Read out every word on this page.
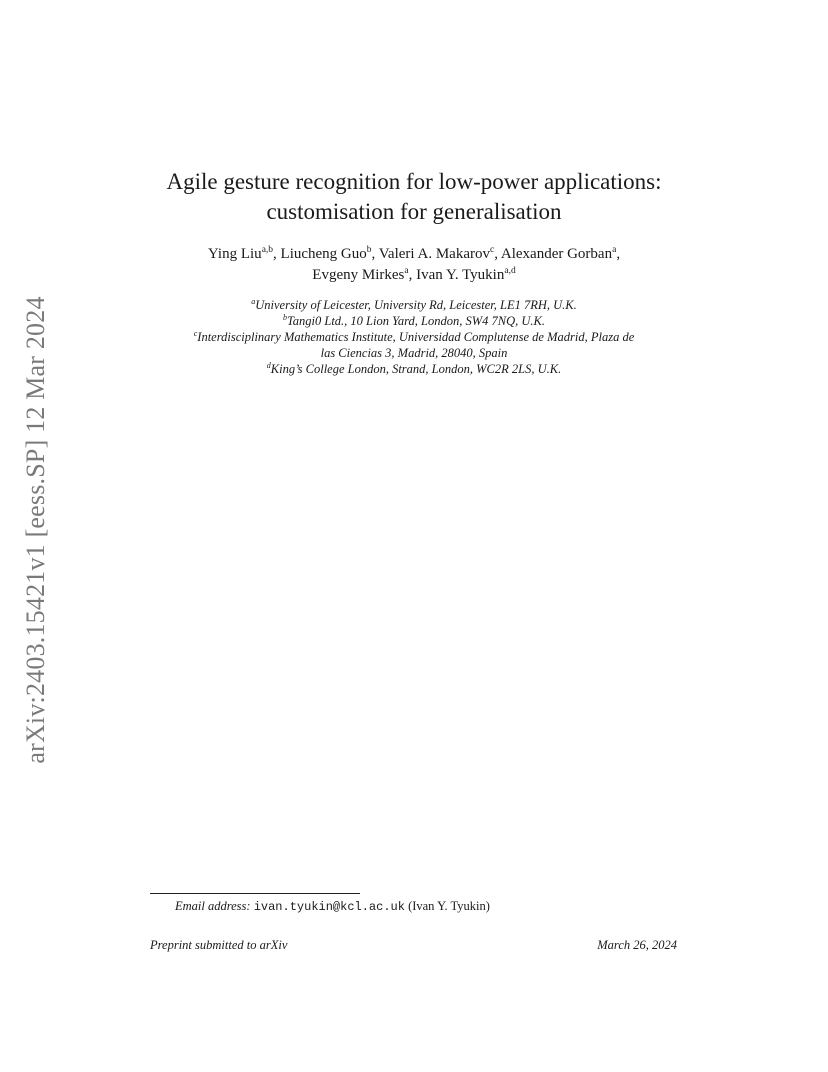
arXiv:2403.15421v1 [eess.SP] 12 Mar 2024
Agile gesture recognition for low-power applications:
customisation for generalisation
Ying Liu$^{a,b}$, Liucheng Guo$^b$, Valeri A. Makarov$^c$, Alexander Gorban$^a$,
Evgeny Mirkes$^a$, Ivan Y. Tyukin$^{a,d}$
$^a$University of Leicester, University Rd, Leicester, LE1 7RH, U.K.
$^b$Tangi0 Ltd., 10 Lion Yard, London, SW4 7NQ, U.K.
$^c$Interdisciplinary Mathematics Institute, Universidad Complutense de Madrid, Plaza de
las Ciencias 3, Madrid, 28040, Spain
$^d$King’s College London, Strand, London, WC2R 2LS, U.K.
Email address: ivan.tyukin@kcl.ac.uk (Ivan Y. Tyukin)
Preprint submitted to arXiv	March 26, 2024
